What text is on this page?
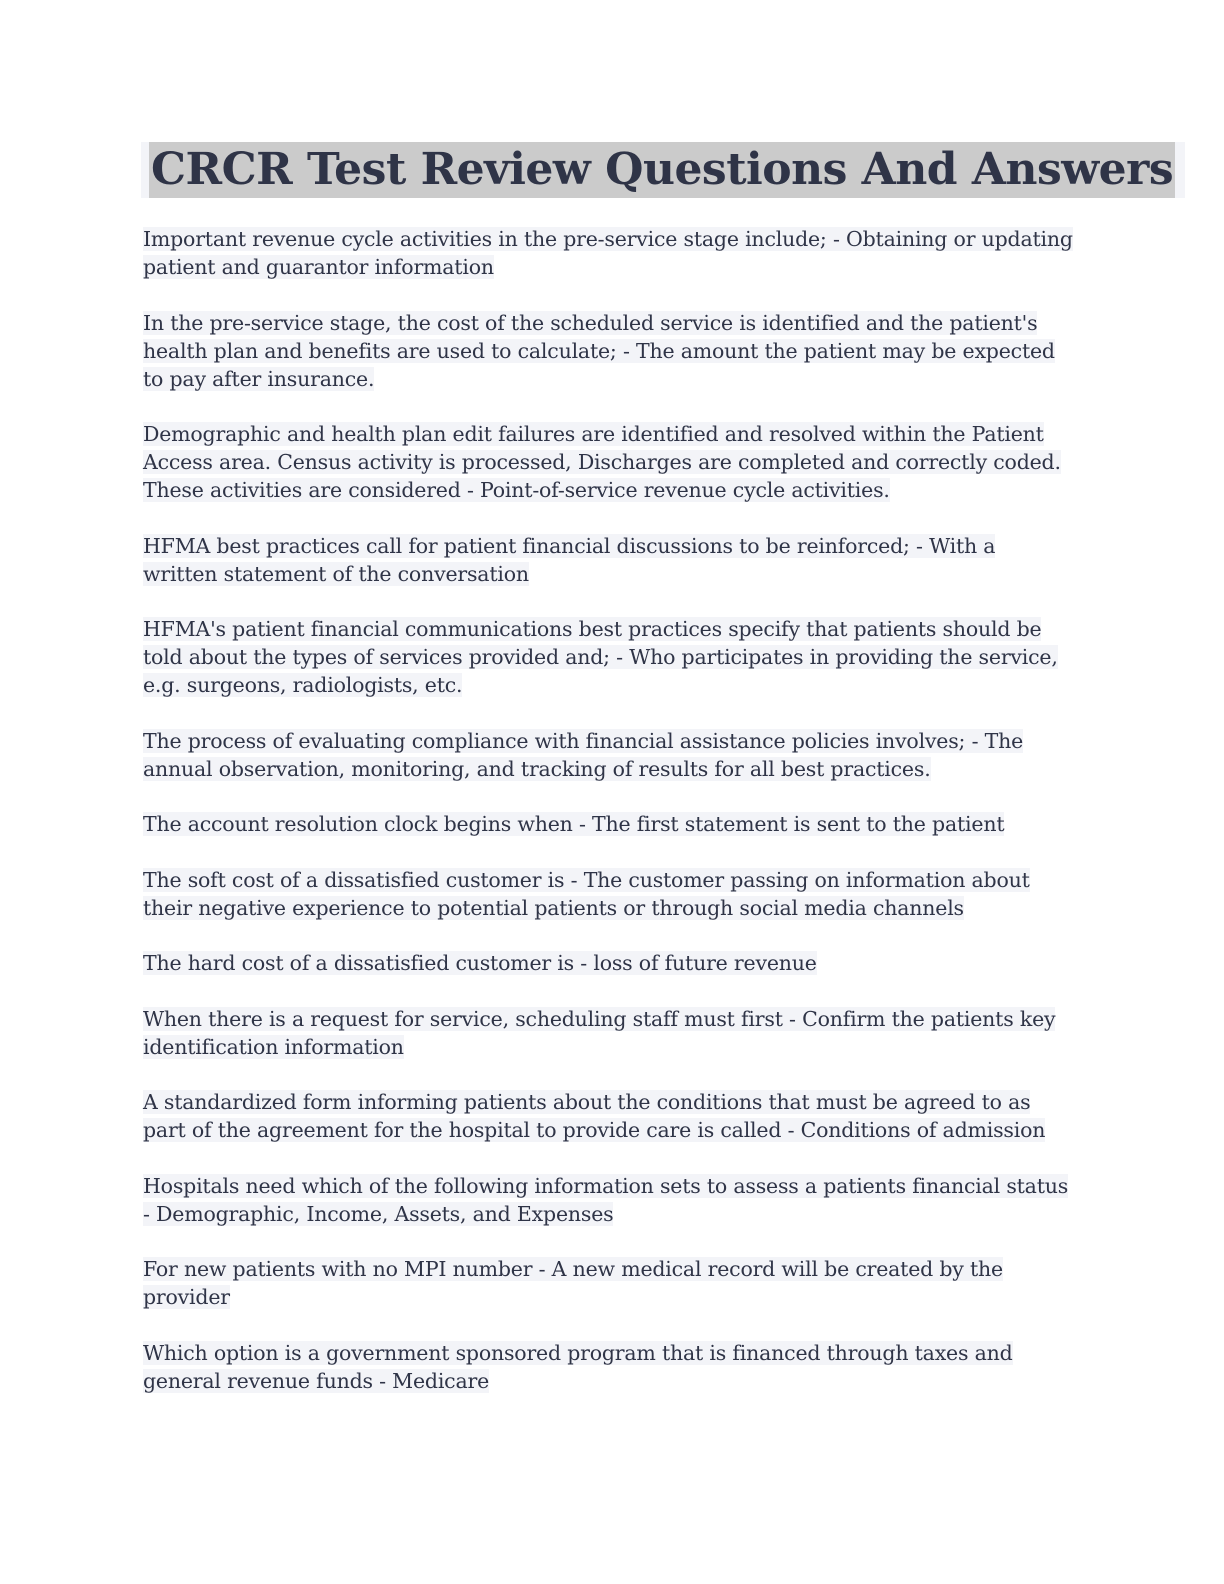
CRCR Test Review Questions And Answers

Important revenue cycle activities in the pre-service stage include; - Obtaining or updating patient and guarantor information

In the pre-service stage, the cost of the scheduled service is identified and the patient's health plan and benefits are used to calculate; - The amount the patient may be expected to pay after insurance.

Demographic and health plan edit failures are identified and resolved within the Patient Access area. Census activity is processed, Discharges are completed and correctly coded. These activities are considered - Point-of-service revenue cycle activities.

HFMA best practices call for patient financial discussions to be reinforced; - With a written statement of the conversation

HFMA's patient financial communications best practices specify that patients should be told about the types of services provided and; - Who participates in providing the service, e.g. surgeons, radiologists, etc.

The process of evaluating compliance with financial assistance policies involves; - The annual observation, monitoring, and tracking of results for all best practices.

The account resolution clock begins when - The first statement is sent to the patient

The soft cost of a dissatisfied customer is - The customer passing on information about their negative experience to potential patients or through social media channels

The hard cost of a dissatisfied customer is - loss of future revenue

When there is a request for service, scheduling staff must first - Confirm the patients key identification information

A standardized form informing patients about the conditions that must be agreed to as part of the agreement for the hospital to provide care is called - Conditions of admission

Hospitals need which of the following information sets to assess a patients financial status - Demographic, Income, Assets, and Expenses

For new patients with no MPI number - A new medical record will be created by the provider

Which option is a government sponsored program that is financed through taxes and general revenue funds - Medicare
